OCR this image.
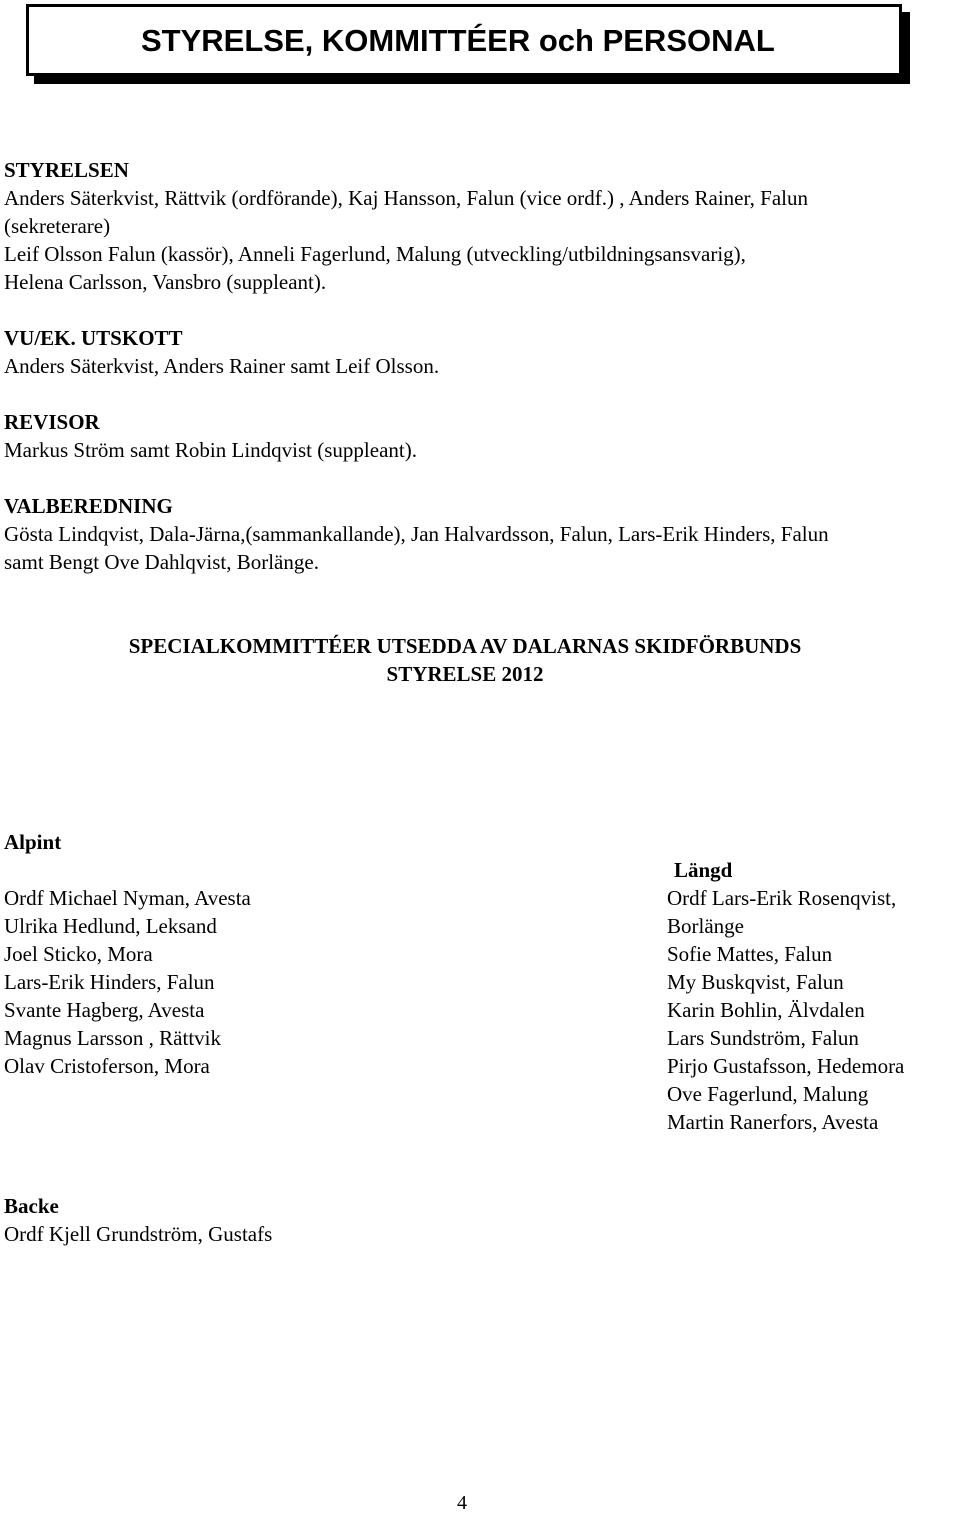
STYRELSE, KOMMITTÉER och PERSONAL
STYRELSEN
Anders Säterkvist, Rättvik (ordförande), Kaj Hansson, Falun (vice ordf.) , Anders Rainer, Falun
(sekreterare)
Leif Olsson Falun (kassör), Anneli Fagerlund, Malung (utveckling/utbildningsansvarig),
Helena Carlsson, Vansbro (suppleant).
VU/EK. UTSKOTT
Anders Säterkvist, Anders Rainer samt Leif Olsson.
REVISOR
Markus Ström samt Robin Lindqvist (suppleant).
VALBEREDNING
Gösta Lindqvist, Dala-Järna,(sammankallande), Jan Halvardsson, Falun, Lars-Erik Hinders, Falun
samt Bengt Ove Dahlqvist, Borlänge.
SPECIALKOMMITTÉER UTSEDDA AV DALARNAS SKIDFÖRBUNDS
STYRELSE 2012
Alpint
Ordf Michael Nyman, Avesta
Ulrika Hedlund, Leksand
Joel Sticko, Mora
Lars-Erik Hinders, Falun
Svante Hagberg, Avesta
Magnus Larsson , Rättvik
Olav Cristoferson, Mora
Längd
Ordf Lars-Erik Rosenqvist,
Borlänge
Sofie Mattes, Falun
My Buskqvist, Falun
Karin Bohlin, Älvdalen
Lars Sundström, Falun
Pirjo Gustafsson, Hedemora
Ove Fagerlund, Malung
Martin Ranerfors, Avesta
Backe
Ordf Kjell Grundström, Gustafs
4
